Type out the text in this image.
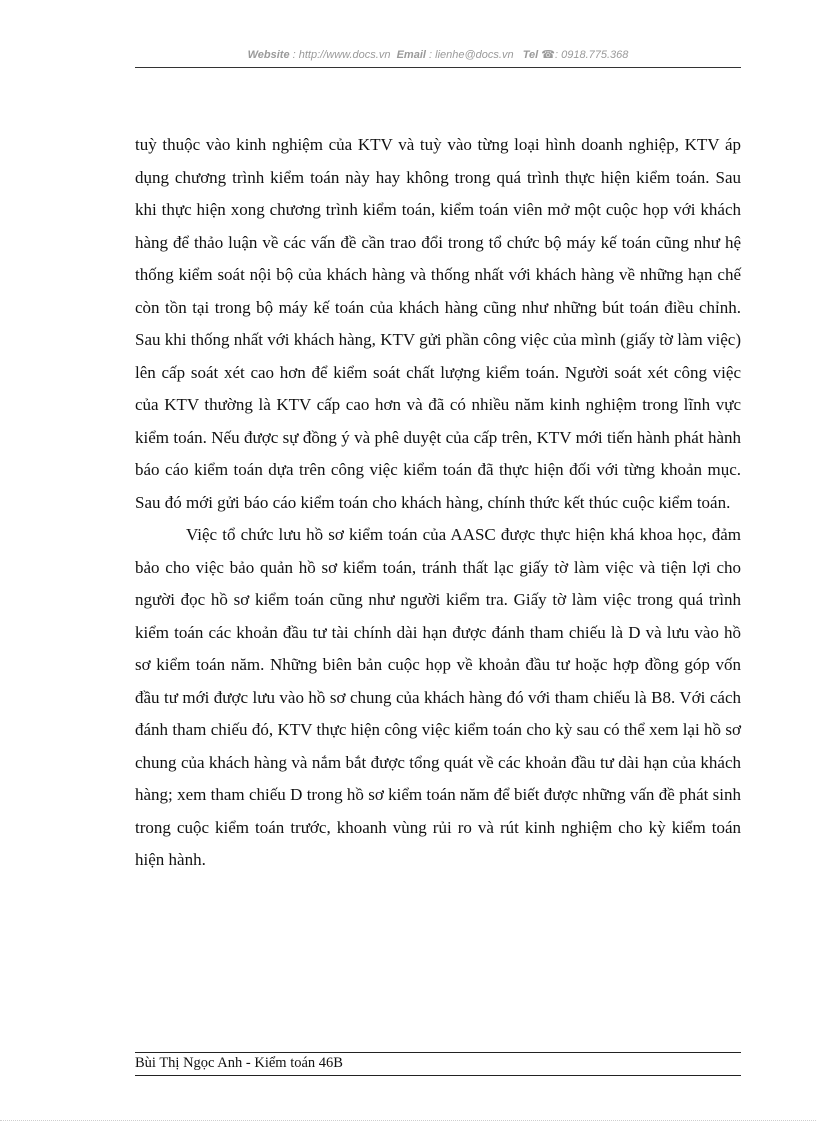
Website : http://www.docs.vn Email : lienhe@docs.vn Tel ☎: 0918.775.368

tuỳ thuộc vào kinh nghiệm của KTV và tuỳ vào từng loại hình doanh nghiệp, KTV áp dụng chương trình kiểm toán này hay không trong quá trình thực hiện kiểm toán. Sau khi thực hiện xong chương trình kiểm toán, kiểm toán viên mở một cuộc họp với khách hàng để thảo luận về các vấn đề cần trao đổi trong tổ chức bộ máy kế toán cũng như hệ thống kiểm soát nội bộ của khách hàng và thống nhất với khách hàng về những hạn chế còn tồn tại trong bộ máy kế toán của khách hàng cũng như những bút toán điều chỉnh. Sau khi thống nhất với khách hàng, KTV gửi phần công việc của mình (giấy tờ làm việc) lên cấp soát xét cao hơn để kiểm soát chất lượng kiểm toán. Người soát xét công việc của KTV thường là KTV cấp cao hơn và đã có nhiều năm kinh nghiệm trong lĩnh vực kiểm toán. Nếu được sự đồng ý và phê duyệt của cấp trên, KTV mới tiến hành phát hành báo cáo kiểm toán dựa trên công việc kiểm toán đã thực hiện đối với từng khoản mục. Sau đó mới gửi báo cáo kiểm toán cho khách hàng, chính thức kết thúc cuộc kiểm toán.

Việc tổ chức lưu hồ sơ kiểm toán của AASC được thực hiện khá khoa học, đảm bảo cho việc bảo quản hồ sơ kiểm toán, tránh thất lạc giấy tờ làm việc và tiện lợi cho người đọc hồ sơ kiểm toán cũng như người kiểm tra. Giấy tờ làm việc trong quá trình kiểm toán các khoản đầu tư tài chính dài hạn được đánh tham chiếu là D và lưu vào hồ sơ kiểm toán năm. Những biên bản cuộc họp về khoản đầu tư hoặc hợp đồng góp vốn đầu tư mới được lưu vào hồ sơ chung của khách hàng đó với tham chiếu là B8. Với cách đánh tham chiếu đó, KTV thực hiện công việc kiểm toán cho kỳ sau có thể xem lại hồ sơ chung của khách hàng và nắm bắt được tổng quát về các khoản đầu tư dài hạn của khách hàng; xem tham chiếu D trong hồ sơ kiểm toán năm để biết được những vấn đề phát sinh trong cuộc kiểm toán trước, khoanh vùng rủi ro và rút kinh nghiệm cho kỳ kiểm toán hiện hành.

Bùi Thị Ngọc Anh - Kiểm toán 46B
